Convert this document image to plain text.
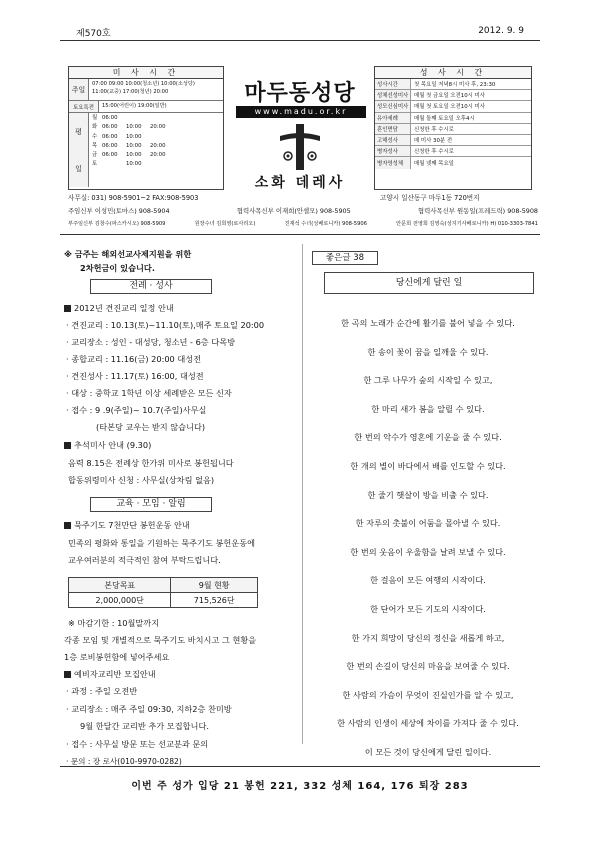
제570호	2012. 9. 9
미 사 시 간
주일
07:00 09:00 10:00(청소년) 10:00(소성당)
11:00(교중) 17:00(청년) 20:00
토요특전	15:00(어린이) 19:00(일반)
평
일
월 06:00
화 06:00 10:00 20:00
수 06:00 10:00
목 06:00 10:00 20:00
금 06:00 10:00 20:00
토	10:00
마두동성당
www.madu.or.kr
소화 데레사
성 사 시 간
성사시간	첫 목요일 저녁8시 미사 후, 23:30
성체선성미사	매월 첫 금요일 오전10시 미사
성모신심미사	매월 첫 토요일 오전10시 미사
유아세례	매월 둘째 토요일 오후4시
혼인면담	신청한 후 수시로
고해성사	매 미사 30분 전
병자성사	신청한 후 수시로
병자영성체	매월 넷째 목요일
사무실: 031) 908-5901~2 FAX:908-5903	고양시 일산동구 마두1동 720번지
주임신부 이성민(토마스) 908-5904	협력사목신부 이재희(안셀모) 908-5905	협력사목신부 원동일(프레드릭) 908-5908
부주임신부 김창수(파스카시오) 908-5909	원장수녀 김희영(로사리오)	진재석 수녀(성베로니카) 908-5906	안문희 전영희 김영숙(성지기사베로니카) H) 010-3303-7841
※ 금주는 해외선교사제지원을 위한
2차헌금이 있습니다.
전례 · 성사
2012년 견진교리 일정 안내
· 견진교리 : 10.13(토)~11.10(토),매주 토요일 20:00
· 교리장소 : 성인 - 대성당, 청소년 - 6층 다목방
· 종합교리 : 11.16(금) 20:00 대성전
· 견진성사 : 11.17(토) 16:00, 대성전
· 대상 : 중학교 1학년 이상 세례받은 모든 신자
· 접수 : 9 .9(주일)~ 10.7(주일)사무실
(타본당 교우는 받지 않습니다)
추석미사 안내 (9.30)
음력 8.15은 전례상 한가위 미사로 봉헌됩니다
합동위령미사 신청 : 사무실(상차림 없음)
교육 · 모임 · 알림
묵주기도 7천만단 봉헌운동 안내
민족의 평화와 통일을 기원하는 묵주기도 봉헌운동에
교우여러분의 적극적인 참여 부탁드립니다.
본당목표	9월 현황
2,000,000단	715,526단
※ 마감기한 : 10월말까지
각종 모임 및 개별적으로 묵주기도 바치시고 그 현황을
1층 로비봉헌함에 넣어주세요
예비자교리반 모집안내
· 과정 : 주일 오전반
· 교리장소 : 매주 주일 09:30, 지하2층 찬미방
9월 한달간 교리반 추가 모집합니다.
· 접수 : 사무실 방문 또는 선교분과 문의
· 문의 : 장 로사(010-9970-0282)
좋은글 38
당신에게 달린 일
한 곡의 노래가 순간에 활기를 불어 넣을 수 있다.
한 송이 꽃이 꿈을 일깨울 수 있다.
한 그루 나무가 숲의 시작일 수 있고,
한 마리 새가 봄을 알릴 수 있다.
한 번의 악수가 영혼에 기운을 줄 수 있다.
한 개의 별이 바다에서 배를 인도할 수 있다.
한 줄기 햇살이 방을 비출 수 있다.
한 자루의 촛불이 어둠을 몰아낼 수 있다.
한 번의 웃음이 우울함을 날려 보낼 수 있다.
한 걸음이 모든 여행의 시작이다.
한 단어가 모든 기도의 시작이다.
한 가지 희망이 당신의 정신을 새롭게 하고,
한 번의 손길이 당신의 마음을 보여줄 수 있다.
한 사람의 가슴이 무엇이 진실인가를 알 수 있고,
한 사람의 인생이 세상에 차이를 가져다 줄 수 있다.
이 모든 것이 당신에게 달린 일이다.
이번 주 성가 입당 21 봉헌 221, 332 성체 164, 176 퇴장 283
